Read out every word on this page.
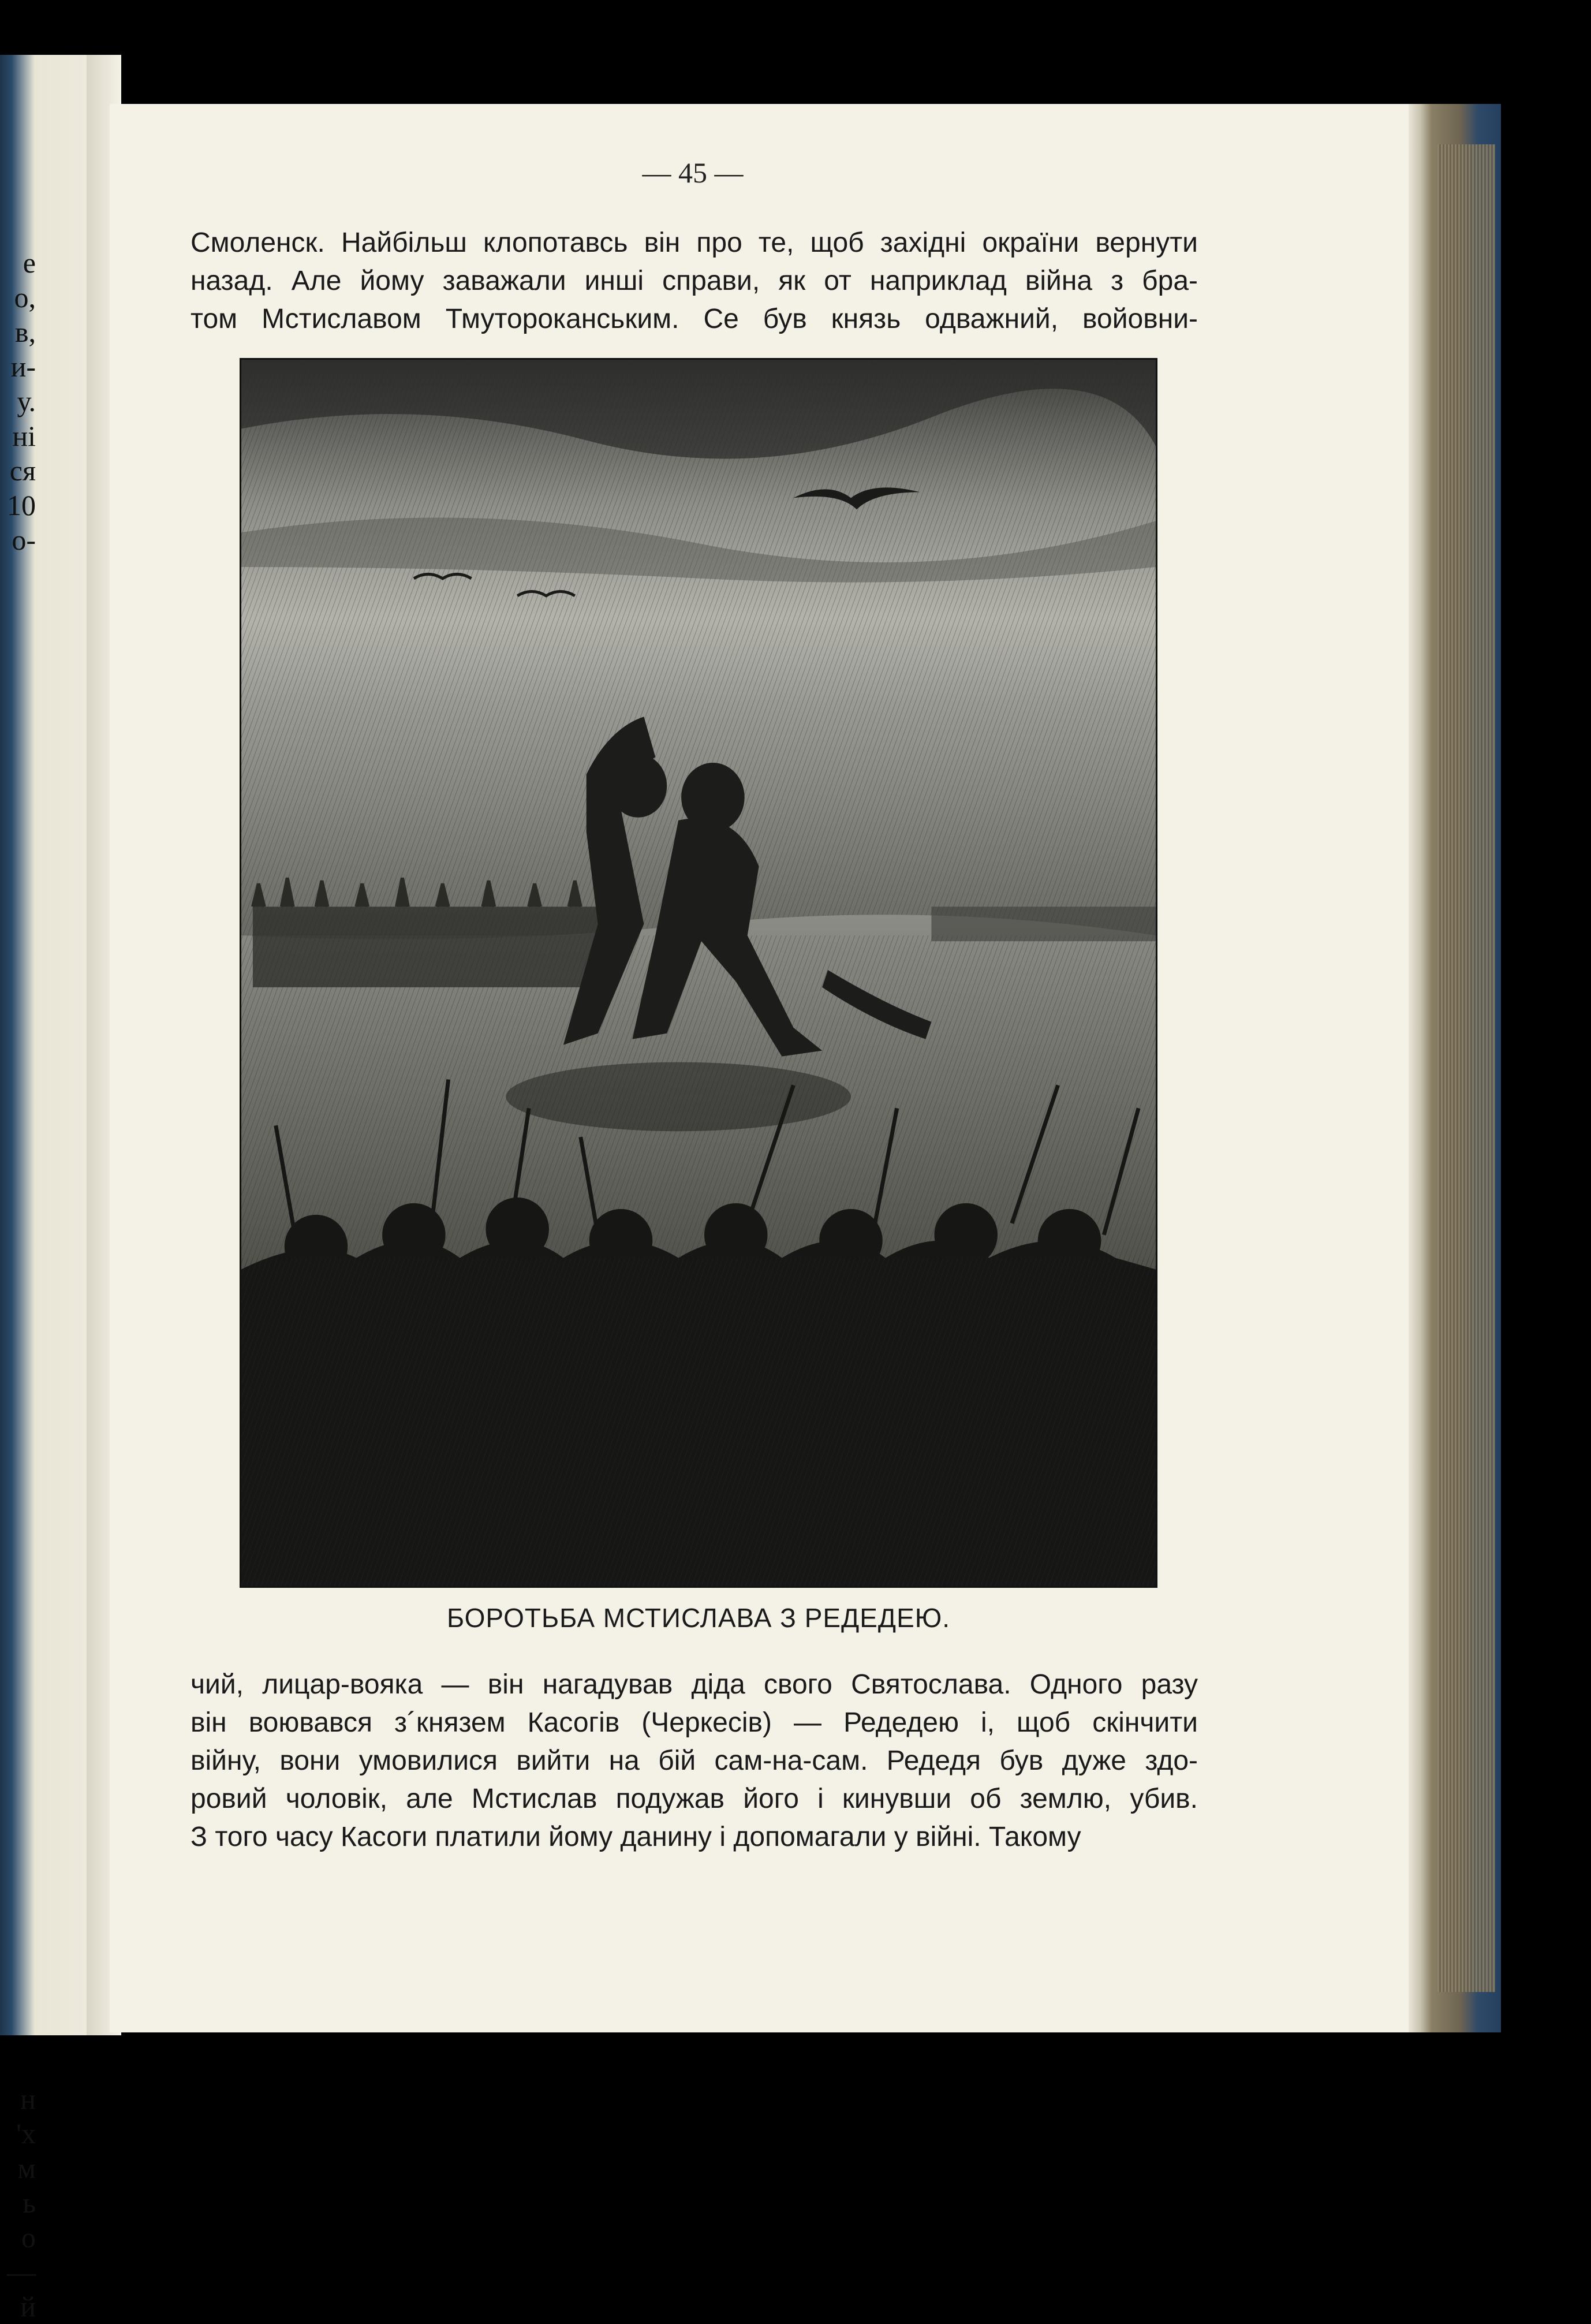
е
о,
в,
и-
у.
ні
ся
10
о-

н
'х
м
ь
о
—
й
— 45 —
Смоленск. Найбільш клопотавсь він про те, щоб західні окраїни вернути
назад. Але йому заважали инші справи, як от наприклад війна з бра-
том Мстиславом Тмутороканським. Се був князь одважний, войовни-
БОРОТЬБА МСТИСЛАВА З РЕДЕДЕЮ.
чий, лицар-вояка — він нагадував діда свого Святослава. Одного разу
він воювався з´князем Касогів (Черкесів) — Редедею і, щоб скінчити
війну, вони умовилися вийти на бій сам-на-сам. Редедя був дуже здо-
ровий чоловік, але Мстислав подужав його і кинувши об землю, убив.
З того часу Касоги платили йому данину і допомагали у війні. Такому
